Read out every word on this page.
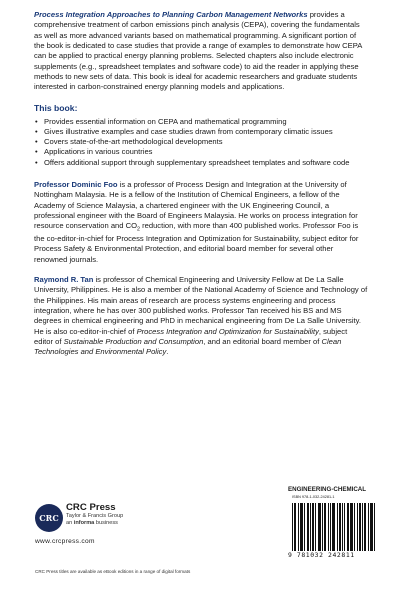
Process Integration Approaches to Planning Carbon Management Networks provides a comprehensive treatment of carbon emissions pinch analysis (CEPA), covering the fundamentals as well as more advanced variants based on mathematical programming. A significant portion of the book is dedicated to case studies that provide a range of examples to demonstrate how CEPA can be applied to practical energy planning problems. Selected chapters also include electronic supplements (e.g., spreadsheet templates and software code) to aid the reader in applying these methods to new sets of data. This book is ideal for academic researchers and graduate students interested in carbon-constrained energy planning models and applications.

This book:
• Provides essential information on CEPA and mathematical programming
• Gives illustrative examples and case studies drawn from contemporary climatic issues
• Covers state-of-the-art methodological developments
• Applications in various countries
• Offers additional support through supplementary spreadsheet templates and software code

Professor Dominic Foo is a professor of Process Design and Integration at the University of Nottingham Malaysia. He is a fellow of the Institution of Chemical Engineers, a fellow of the Academy of Science Malaysia, a chartered engineer with the UK Engineering Council, a professional engineer with the Board of Engineers Malaysia. He works on process integration for resource conservation and $CO_2$ reduction, with more than 400 published works. Professor Foo is the co-editor-in-chief for Process Integration and Optimization for Sustainability, subject editor for Process Safety & Environmental Protection, and editorial board member for several other renowned journals.

Raymond R. Tan is professor of Chemical Engineering and University Fellow at De La Salle University, Philippines. He is also a member of the National Academy of Science and Technology of the Philippines. His main areas of research are process systems engineering and process integration, where he has over 300 published works. Professor Tan received his BS and MS degrees in chemical engineering and PhD in mechanical engineering from De La Salle University. He is also co-editor-in-chief of Process Integration and Optimization for Sustainability, subject editor of Sustainable Production and Consumption, and an editorial board member of Clean Technologies and Environmental Policy.

CRC
CRC Press
Taylor & Francis Group
an informa business
www.crcpress.com
CRC Press titles are available as eBook editions in a range of digital formats
ENGINEERING-CHEMICAL
ISBN 978-1-032-24281-1
9 781032 242811
